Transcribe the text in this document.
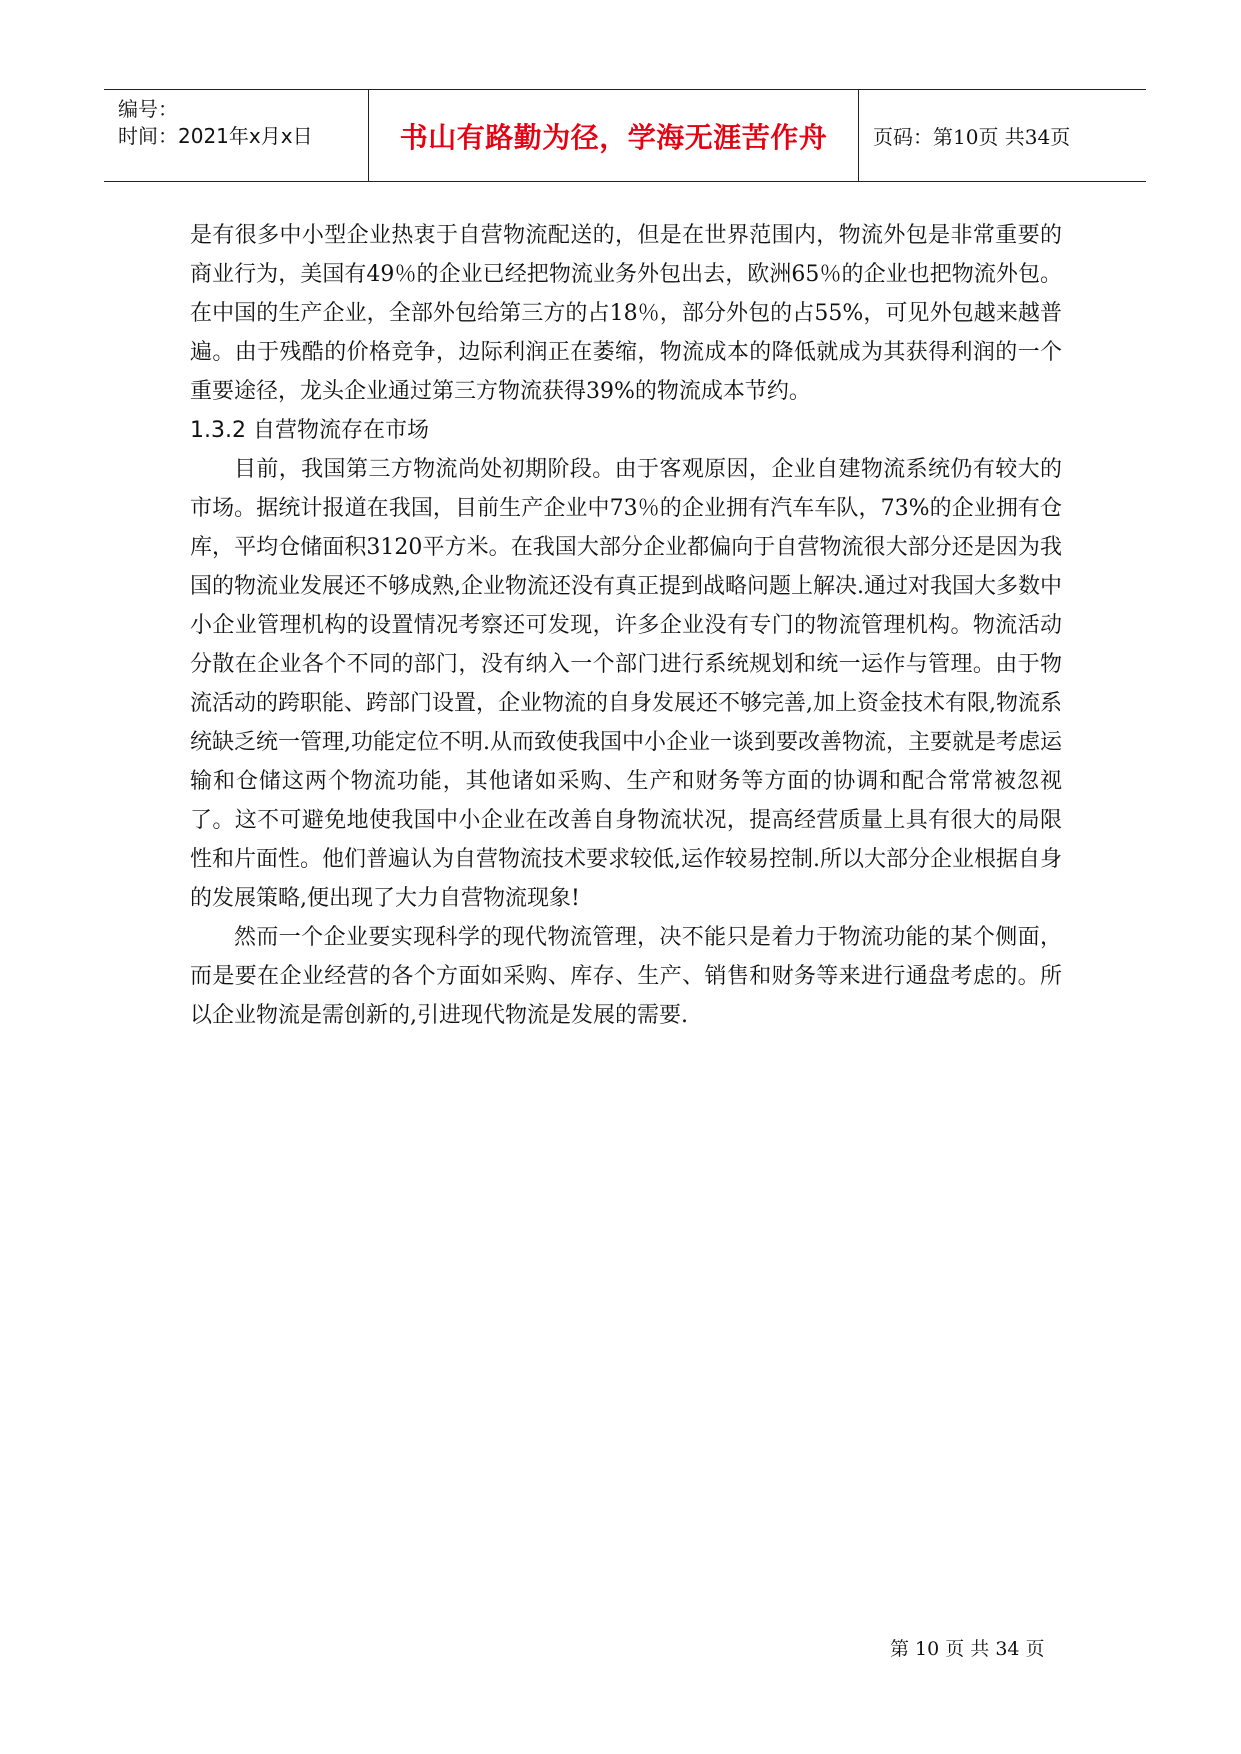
编号：
时间：2021年x月x日	书山有路勤为径，学海无涯苦作舟 页码：第10页 共34页

是有很多中小型企业热衷于自营物流配送的，但是在世界范围内，物流外包是非常重要的商业行为，美国有49％的企业已经把物流业务外包出去，欧洲65％的企业也把物流外包。在中国的生产企业，全部外包给第三方的占18％，部分外包的占55%，可见外包越来越普遍。由于残酷的价格竞争，边际利润正在萎缩，物流成本的降低就成为其获得利润的一个重要途径，龙头企业通过第三方物流获得39%的物流成本节约。

1.3.2 自营物流存在市场

目前，我国第三方物流尚处初期阶段。由于客观原因，企业自建物流系统仍有较大的市场。据统计报道在我国，目前生产企业中73％的企业拥有汽车车队，73%的企业拥有仓库，平均仓储面积3120平方米。在我国大部分企业都偏向于自营物流很大部分还是因为我国的物流业发展还不够成熟,企业物流还没有真正提到战略问题上解决.通过对我国大多数中小企业管理机构的设置情况考察还可发现，许多企业没有专门的物流管理机构。物流活动分散在企业各个不同的部门，没有纳入一个部门进行系统规划和统一运作与管理。由于物流活动的跨职能、跨部门设置，企业物流的自身发展还不够完善,加上资金技术有限,物流系统缺乏统一管理,功能定位不明.从而致使我国中小企业一谈到要改善物流，主要就是考虑运输和仓储这两个物流功能，其他诸如采购、生产和财务等方面的协调和配合常常被忽视了。这不可避免地使我国中小企业在改善自身物流状况，提高经营质量上具有很大的局限性和片面性。他们普遍认为自营物流技术要求较低,运作较易控制.所以大部分企业根据自身的发展策略,便出现了大力自营物流现象!

然而一个企业要实现科学的现代物流管理，决不能只是着力于物流功能的某个侧面，而是要在企业经营的各个方面如采购、库存、生产、销售和财务等来进行通盘考虑的。所以企业物流是需创新的,引进现代物流是发展的需要.

第 10 页 共 34 页
